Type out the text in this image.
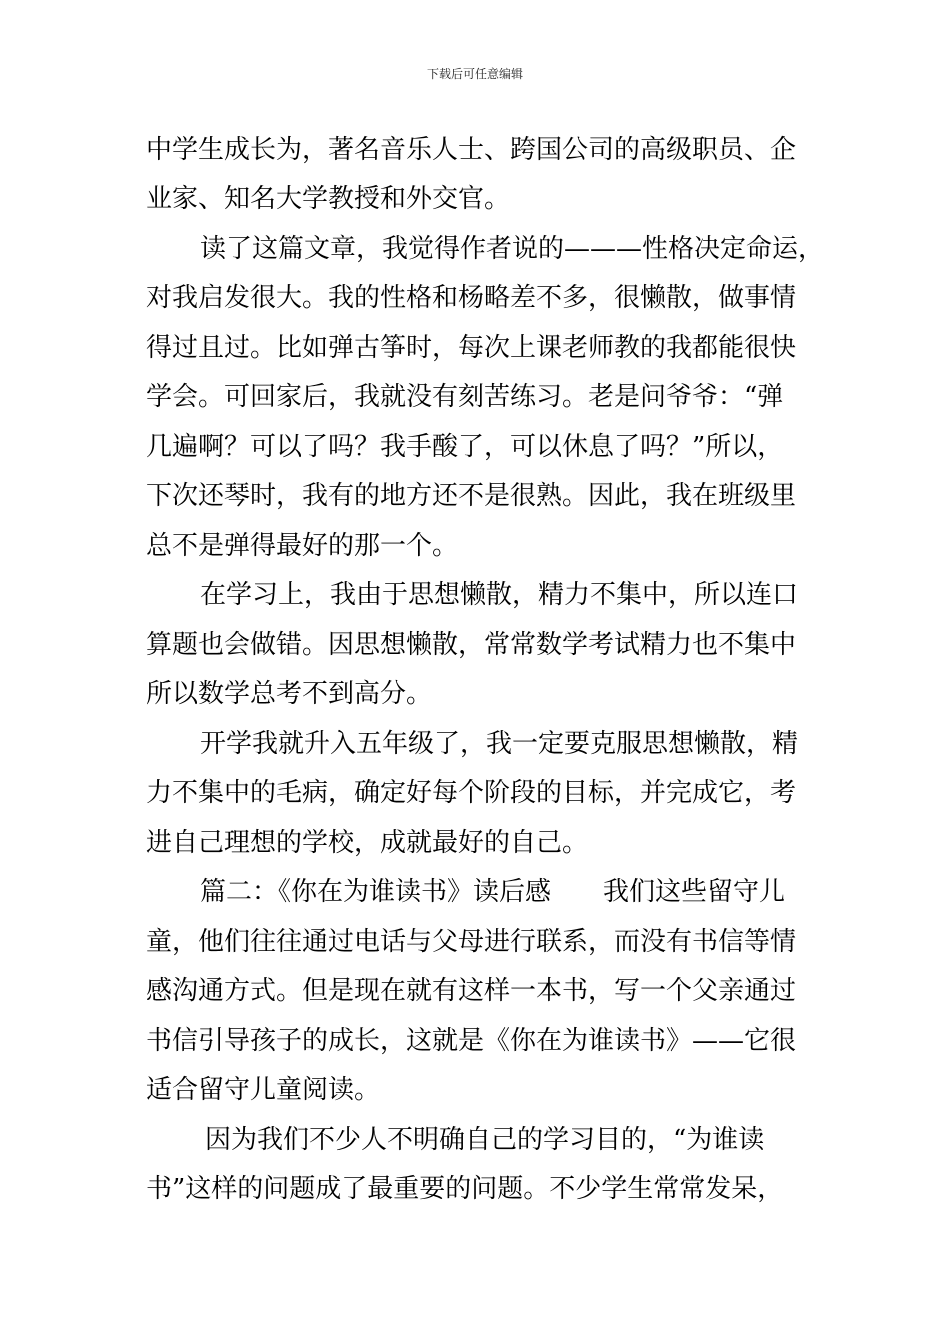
下载后可任意编辑
中学生成长为，著名音乐人士、跨国公司的高级职员、企
业家、知名大学教授和外交官。
读了这篇文章，我觉得作者说的———性格决定命运，
对我启发很大。我的性格和杨略差不多，很懒散，做事情
得过且过。比如弹古筝时，每次上课老师教的我都能很快
学会。可回家后，我就没有刻苦练习。老是问爷爷：“弹
几遍啊？可以了吗？我手酸了，可以休息了吗？”所以，
下次还琴时，我有的地方还不是很熟。因此，我在班级里
总不是弹得最好的那一个。
在学习上，我由于思想懒散，精力不集中，所以连口
算题也会做错。因思想懒散，常常数学考试精力也不集中
所以数学总考不到高分。
开学我就升入五年级了，我一定要克服思想懒散，精
力不集中的毛病，确定好每个阶段的目标，并完成它，考
进自己理想的学校，成就最好的自己。
篇二：《你在为谁读书》读后感　　我们这些留守儿
童，他们往往通过电话与父母进行联系，而没有书信等情
感沟通方式。但是现在就有这样一本书，写一个父亲通过
书信引导孩子的成长，这就是《你在为谁读书》——它很
适合留守儿童阅读。
因为我们不少人不明确自己的学习目的，“为谁读
书”这样的问题成了最重要的问题。不少学生常常发呆，
